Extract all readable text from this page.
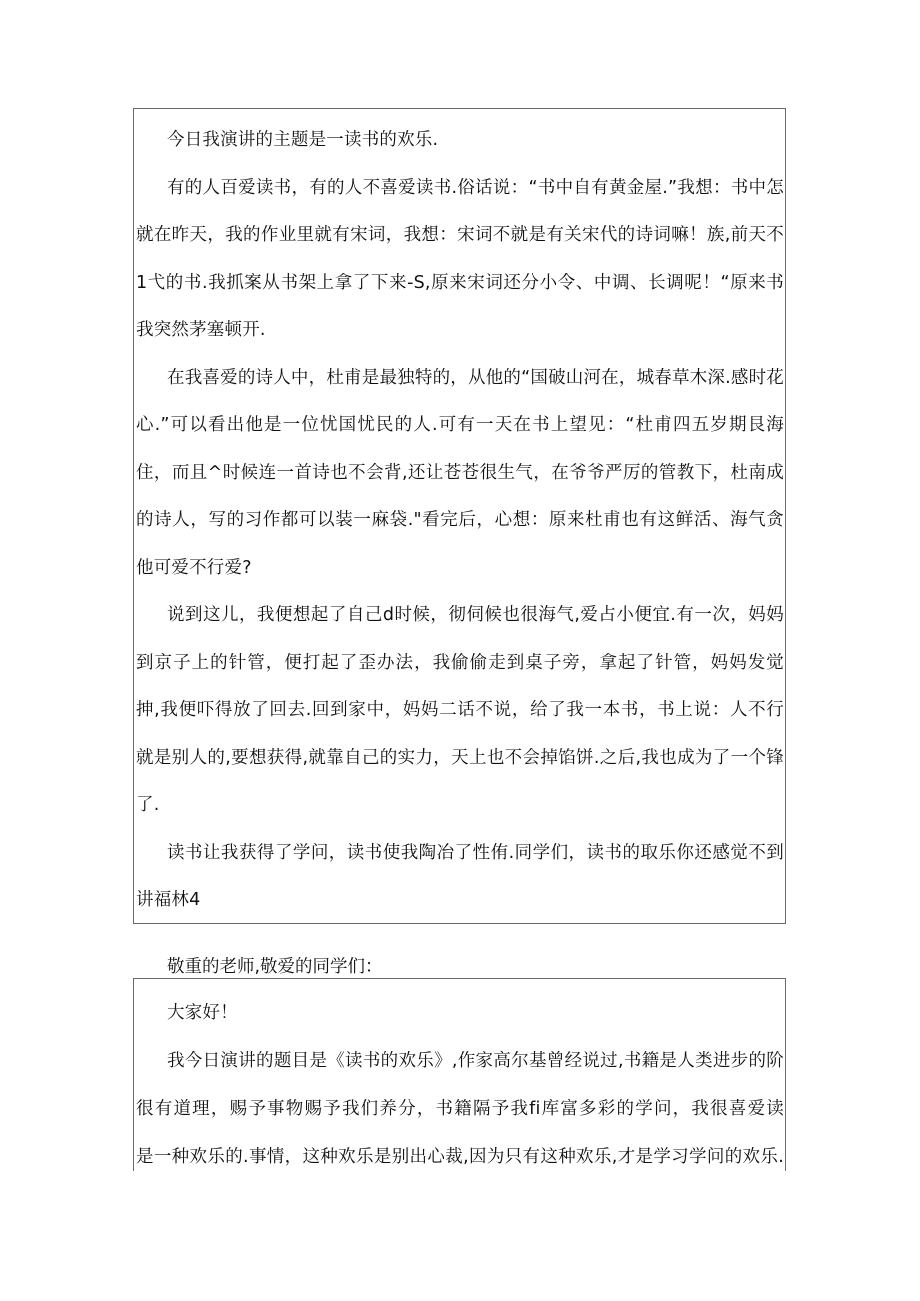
今日我演讲的主题是一读书的欢乐.
有的人百爱读书，有的人不喜爱读书.俗话说：“书中自有黄金屋.”我想：书中怎
就在昨天，我的作业里就有宋词，我想：宋词不就是有关宋代的诗词嘛！族,前天不
1弋的书.我抓案从书架上拿了下来-S,原来宋词还分小令、中调、长调呢！“原来书
我突然茅塞顿开.
在我喜爱的诗人中，杜甫是最独特的，从他的“国破山河在，城春草木深.感时花
心.”可以看出他是一位忧国忧民的人.可有一天在书上望见：“杜甫四五岁期艮海
住，而且^时候连一首诗也不会背,还让苍苍很生气，在爷爷严厉的管教下，杜南成
的诗人，写的习作都可以装一麻袋."看完后，心想：原来杜甫也有这鲜活、海气贪
他可爱不行爱?
说到这儿，我便想起了自己d时候，彻伺候也很海气,爱占小便宜.有一次，妈妈
到京子上的针管，便打起了歪办法，我偷偷走到桌子旁，拿起了针管，妈妈发觉
抻,我便吓得放了回去.回到家中，妈妈二话不说，给了我一本书，书上说：人不行
就是别人的,要想获得,就靠自己的实力，天上也不会掉馅饼.之后,我也成为了一个锋
了.
读书让我获得了学问，读书使我陶冶了性侑.同学们，读书的取乐你还感觉不到
讲福林4
敬重的老师,敬爱的同学们：
大家好！
我今日演讲的题目是《读书的欢乐》,作家高尔基曾经说过,书籍是人类进步的阶
很有道理，赐予事物赐予我们养分，书籍隔予我fi库富多彩的学问，我很喜爱读
是一种欢乐的.事情，这种欢乐是别出心裁,因为只有这种欢乐,才是学习学问的欢乐.
